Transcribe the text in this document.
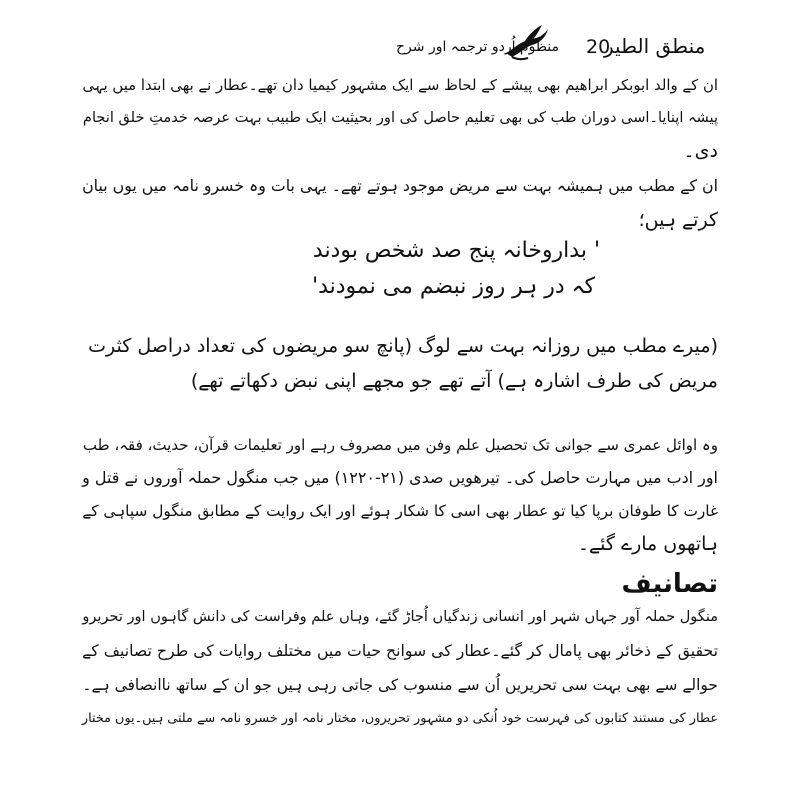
20
منطق الطیر
منظوم اُردو ترجمہ اور شرح
ان کے والد ابوبکر ابراھیم بھی پیشے کے لحاظ سے ایک مشہور کیمیا دان تھے۔عطار نے بھی ابتدا میں یہی
پیشہ اپنایا۔اسی دوران طب کی بھی تعلیم حاصل کی اور بحیثیت ایک طبیب بہت عرصہ خدمتِ خلق انجام
دی۔
ان کے مطب میں ہمیشہ بہت سے مریض موجود ہوتے تھے۔ یہی بات وہ خسرو نامہ میں یوں بیان
کرتے ہیں؛
' بداروخانہ پنج صد شخص بودند
کہ در ہر روز نبضم می نمودند'
(میرے مطب میں روزانہ بہت سے لوگ (پانچ سو مریضوں کی تعداد دراصل کثرت
مریض کی طرف اشارہ ہے) آتے تھے جو مجھے اپنی نبض دکھاتے تھے)
وہ اوائل عمری سے جوانی تک تحصیل علم وفن میں مصروف رہے اور تعلیمات قرآن، حدیث، فقہ، طب
اور ادب میں مہارت حاصل کی۔ تیرھویں صدی (۲۱-۱۲۲۰) میں جب منگول حملہ آوروں نے قتل و
غارت کا طوفان برپا کیا تو عطار بھی اسی کا شکار ہوئے اور ایک روایت کے مطابق منگول سپاہی کے
ہاتھوں مارے گئے۔
تصانیف
منگول حملہ آور جہاں شہر اور انسانی زندگیاں اُجاڑ گئے، وہاں علم وفراست کی دانش گاہوں اور تحریرو
تحقیق کے ذخائر بھی پامال کر گئے۔عطار کی سوانح حیات میں مختلف روایات کی طرح تصانیف کے
حوالے سے بھی بہت سی تحریریں اُن سے منسوب کی جاتی رہی ہیں جو ان کے ساتھ ناانصافی ہے۔
عطار کی مستند کتابوں کی فہرست خود اُنکی دو مشہور تحریروں، مختار نامہ اور خسرو نامہ سے ملتی ہیں۔یوں مختار
